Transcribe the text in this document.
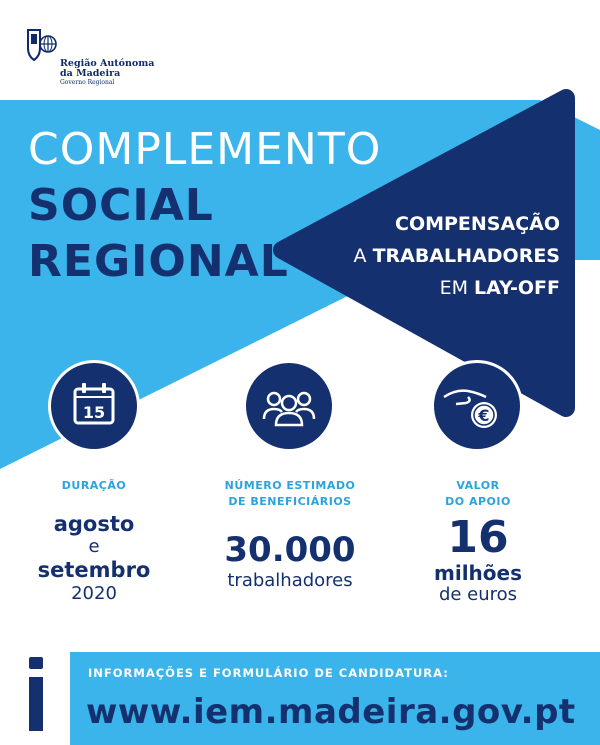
Região Autónoma
da Madeira
Governo Regional
COMPLEMENTO
SOCIAL
REGIONAL
COMPENSAÇÃO
A TRABALHADORES
EM LAY-OFF
15	€
DURAÇÃO
agosto
e
setembro
2020
NÚMERO ESTIMADO
DE BENEFICIÁRIOS
30.000
trabalhadores
VALOR
DO APOIO
16
milhões
de euros
INFORMAÇÕES E FORMULÁRIO DE CANDIDATURA:
www.iem.madeira.gov.pt
